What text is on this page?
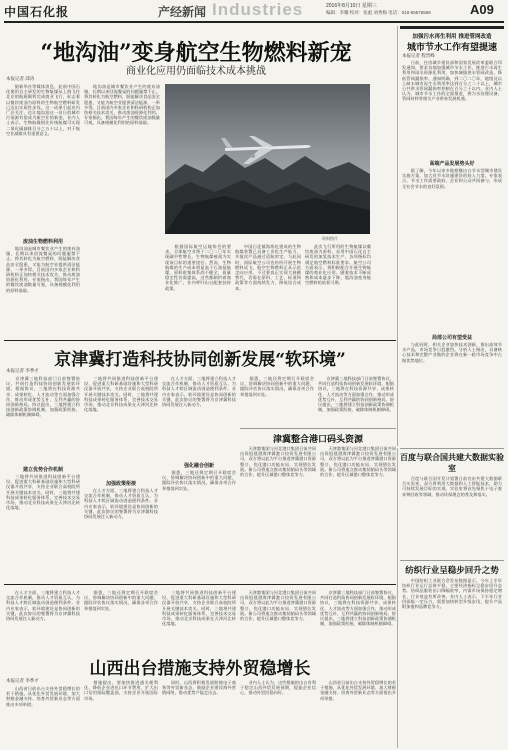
中国石化报	产经新闻 Industries	2016年8月10日 星期三
编辑：李耀 校对：张彪 刘秀梅 电话：010-65575568	A09
“地沟油”变身航空生物燃料新宠
商业化应用仍面临技术成本挑战
本报记者 邱涛
据新华社等媒体消息，此前中国石化使用自主研发的生物航煤从上海飞往北京的航班顺利完成商业飞行，标志着以餐饮废油为原料的生物航空燃料研发已迈出实质性步伐。这一成果引起业内广泛关注，也让地沟油这一昔日的城市污染源有望成为航空业的新宠。业内人士表示，生物航煤相比传统航煤可实现二氧化碳减排百分之五十以上，对于航空业减排具有重要意义。
废油生物燃料利用
地沟油是城市餐饮业产生的废弃油脂，长期以来回流餐桌的问题屡禁不止。将其转化为航空燃料，既能解决食品安全隐患，又能为航空业提供清洁能源，一举多得。目前国内多家企业和科研机构正加快相关技术攻关，推动废油资源化利用。专家指出，我国每年产生的餐饮废油数量可观，具备规模化利用的原料基础。
地沟油是城市餐饮业产生的废弃油脂，长期以来回流餐桌的问题屡禁不止。将其转化为航空燃料，既能解决食品安全隐患，又能为航空业提供清洁能源，一举多得。目前国内多家企业和科研机构正加快相关技术攻关，推动废油资源化利用。专家指出，我国每年产生的餐饮废油数量可观，具备规模化利用的原料基础。
资料图片
根据国际航空运输协会的要求，全球航空业将于二〇二〇年实现碳中性增长，生物航煤被视为实现该目标的重要途径。然而，生物航煤的生产成本明显高于石油基航煤，原料收集体系尚不健全，质量稳定性仍需提高，这些都制约着商业化推广。业内呼吁出台配套扶持政策。
中国石化镇海炼化建成的生物航煤装置已具备工业化生产能力，多批次产品通过适航审定。与此同时，国际航空公司也纷纷开展生物燃料试飞，航空生物燃料正从示范走向应用。不过要真正实现大规模替代，仍需在原料、工艺、标准和政策等方面持续发力，降低综合成本。
此次飞行所用的生物航煤以餐饮废油为原料，采用中国石化自主研发的加氢技术生产，各项指标均满足航空燃料标准要求。航空公司方面表示，将积极配合开展生物航煤的商业化应用。随着技术不断成熟和成本逐步下降，地沟油变身航空燃料的前景可期。
加强污水再生利用 推进管网改造
城市节水工作有望提速
本报记者 程晋峰
日前，住房城乡建设部和国家发展改革委联合印发通知，要求各地加强城市节水工作，推进污水再生利用和雨水资源化利用，加快城镇供水管网改造，降低管网漏损率。通知明确，到二〇二〇年，地级及以上缺水城市再生水利用率达到百分之二十以上，城市公共供水管网漏损率控制在百分之十以内。业内人士认为，城市节水工作的全面推进，将为水处理设备、管网材料等相关产业带来发展机遇。
高端产品发展势头好
据了解，今年以来多地相继出台节水型城市建设实施方案，加大对节水设施建设的投入力度。专家表示，节水工作需要政府、企业和公众共同参与，形成全社会节水的良好氛围。
局部公司有望受益
与此同时，相关企业加快技术创新，推出高效节水产品，市场竞争日趋激烈。分析人士指出，具备核心技术和完整产业链的企业将在新一轮市场竞争中占据优势地位。
京津冀打造科技协同创新发展“软环境”
本报记者 李季才
京津冀三地科技部门日前签署协议，共同打造科技协同创新发展软环境。根据协议，三地将在科技资源共享、成果转化、人才流动等方面加强合作，推动形成优势互补、互利共赢的协同创新格局。协议提出，三地将建立科技创新政策协调机制，加强政策衔接，破除体制机制障碍。
建立优势合作机制
三地将共同推进科技创新平台建设，促进重大科研基础设施和大型科研仪器开放共享，支持企业联合高校院所开展关键技术攻关。同时，三地将共建科技成果转化服务体系，完善技术交易市场，推动北京科技成果在天津河北转化落地。
三地将共同推进科技创新平台建设，促进重大科研基础设施和大型科研仪器开放共享，支持企业联合高校院所开展关键技术攻关。同时，三地将共建科技成果转化服务体系，完善技术交易市场，推动北京科技成果在天津河北转化落地。
加强政策衔接
在人才方面，三地将建立科技人才交流合作机制，推动人才资质互认，为科技人才跨区域流动创造便利条件。业内专家表示，软环境建设是协同创新的关键，此次协议的签署将为京津冀科技协同发展注入新动力。
在人才方面，三地将建立科技人才交流合作机制，推动人才资质互认，为科技人才跨区域流动创造便利条件。业内专家表示，软环境建设是协同创新的关键，此次协议的签署将为京津冀科技协同发展注入新动力。
强化融合创新
据悉，三地还将定期召开联席会议，协调解决协同创新中的重大问题，跟踪评估协议落实情况，确保各项合作举措落到实处。
据悉，三地还将定期召开联席会议，协调解决协同创新中的重大问题，跟踪评估协议落实情况，确保各项合作举措落到实处。
京津冀三地科技部门日前签署协议，共同打造科技协同创新发展软环境。根据协议，三地将在科技资源共享、成果转化、人才流动等方面加强合作，推动形成优势互补、互利共赢的协同创新格局。协议提出，三地将建立科技创新政策协调机制，加强政策衔接，破除体制机制障碍。
津冀整合港口码头资源
天津港集团与河北港口集团日前共同出资组建渤海津冀港口投资发展有限公司，双方将以此为平台推进津冀港口资源整合，优化港口功能布局，实现错位发展。新公司将重点推动集装箱码头等领域的合作，提升区域港口整体竞争力。
天津港集团与河北港口集团日前共同出资组建渤海津冀港口投资发展有限公司，双方将以此为平台推进津冀港口资源整合，优化港口功能布局，实现错位发展。新公司将重点推动集装箱码头等领域的合作，提升区域港口整体竞争力。
百度与联合国共建大数据实验室
百度与联合国开发计划署日前宣布共建大数据联合实验室，双方将利用大数据和人工智能技术，助力可持续发展目标的实现。实验室将首先聚焦于电子废弃物回收等领域，推动环保理念的普及和落实。
纺织行业呈稳步回升之势
中国纺织工业联合会发布数据显示，今年上半年纺织行业运行总体平稳，主要经济指标呈稳步回升态势。纺织品服装出口降幅收窄，内需市场保持稳定增长，行业效益有所改善。业内人士表示，下半年行业仍面临一定压力，需要加快转型升级步伐，提升产品附加值和品牌竞争力。
山西出台措施支持外贸稳增长
在人才方面，三地将建立科技人才交流合作机制，推动人才资质互认，为科技人才跨区域流动创造便利条件。业内专家表示，软环境建设是协同创新的关键，此次协议的签署将为京津冀科技协同发展注入新动力。
据悉，三地还将定期召开联席会议，协调解决协同创新中的重大问题，跟踪评估协议落实情况，确保各项合作举措落到实处。
三地将共同推进科技创新平台建设，促进重大科研基础设施和大型科研仪器开放共享，支持企业联合高校院所开展关键技术攻关。同时，三地将共建科技成果转化服务体系，完善技术交易市场，推动北京科技成果在天津河北转化落地。
天津港集团与河北港口集团日前共同出资组建渤海津冀港口投资发展有限公司，双方将以此为平台推进津冀港口资源整合，优化港口功能布局，实现错位发展。新公司将重点推动集装箱码头等领域的合作，提升区域港口整体竞争力。
京津冀三地科技部门日前签署协议，共同打造科技协同创新发展软环境。根据协议，三地将在科技资源共享、成果转化、人才流动等方面加强合作，推动形成优势互补、互利共赢的协同创新格局。协议提出，三地将建立科技创新政策协调机制，加强政策衔接，破除体制机制障碍。
本报记者 李季才
山西省日前出台支持外贸稳增长的若干措施，从优化外贸发展环境、加大财税金融支持、培育外贸新业态等方面推出多项举措。
措施提出，要加快推进通关便利化，降低企业进出口环节费用，扩大出口信用保险覆盖面，支持企业开拓国际市场。
同时，山西将积极发展跨境电子商务等外贸新业态，鼓励企业建设海外营销网络，推动优势产能走出去。
业内人士认为，这些措施的出台有利于稳定山西外贸发展预期，提振企业信心，推动外贸回稳向好。
山西省日前出台支持外贸稳增长的若干措施，从优化外贸发展环境、加大财税金融支持、培育外贸新业态等方面推出多项举措。
